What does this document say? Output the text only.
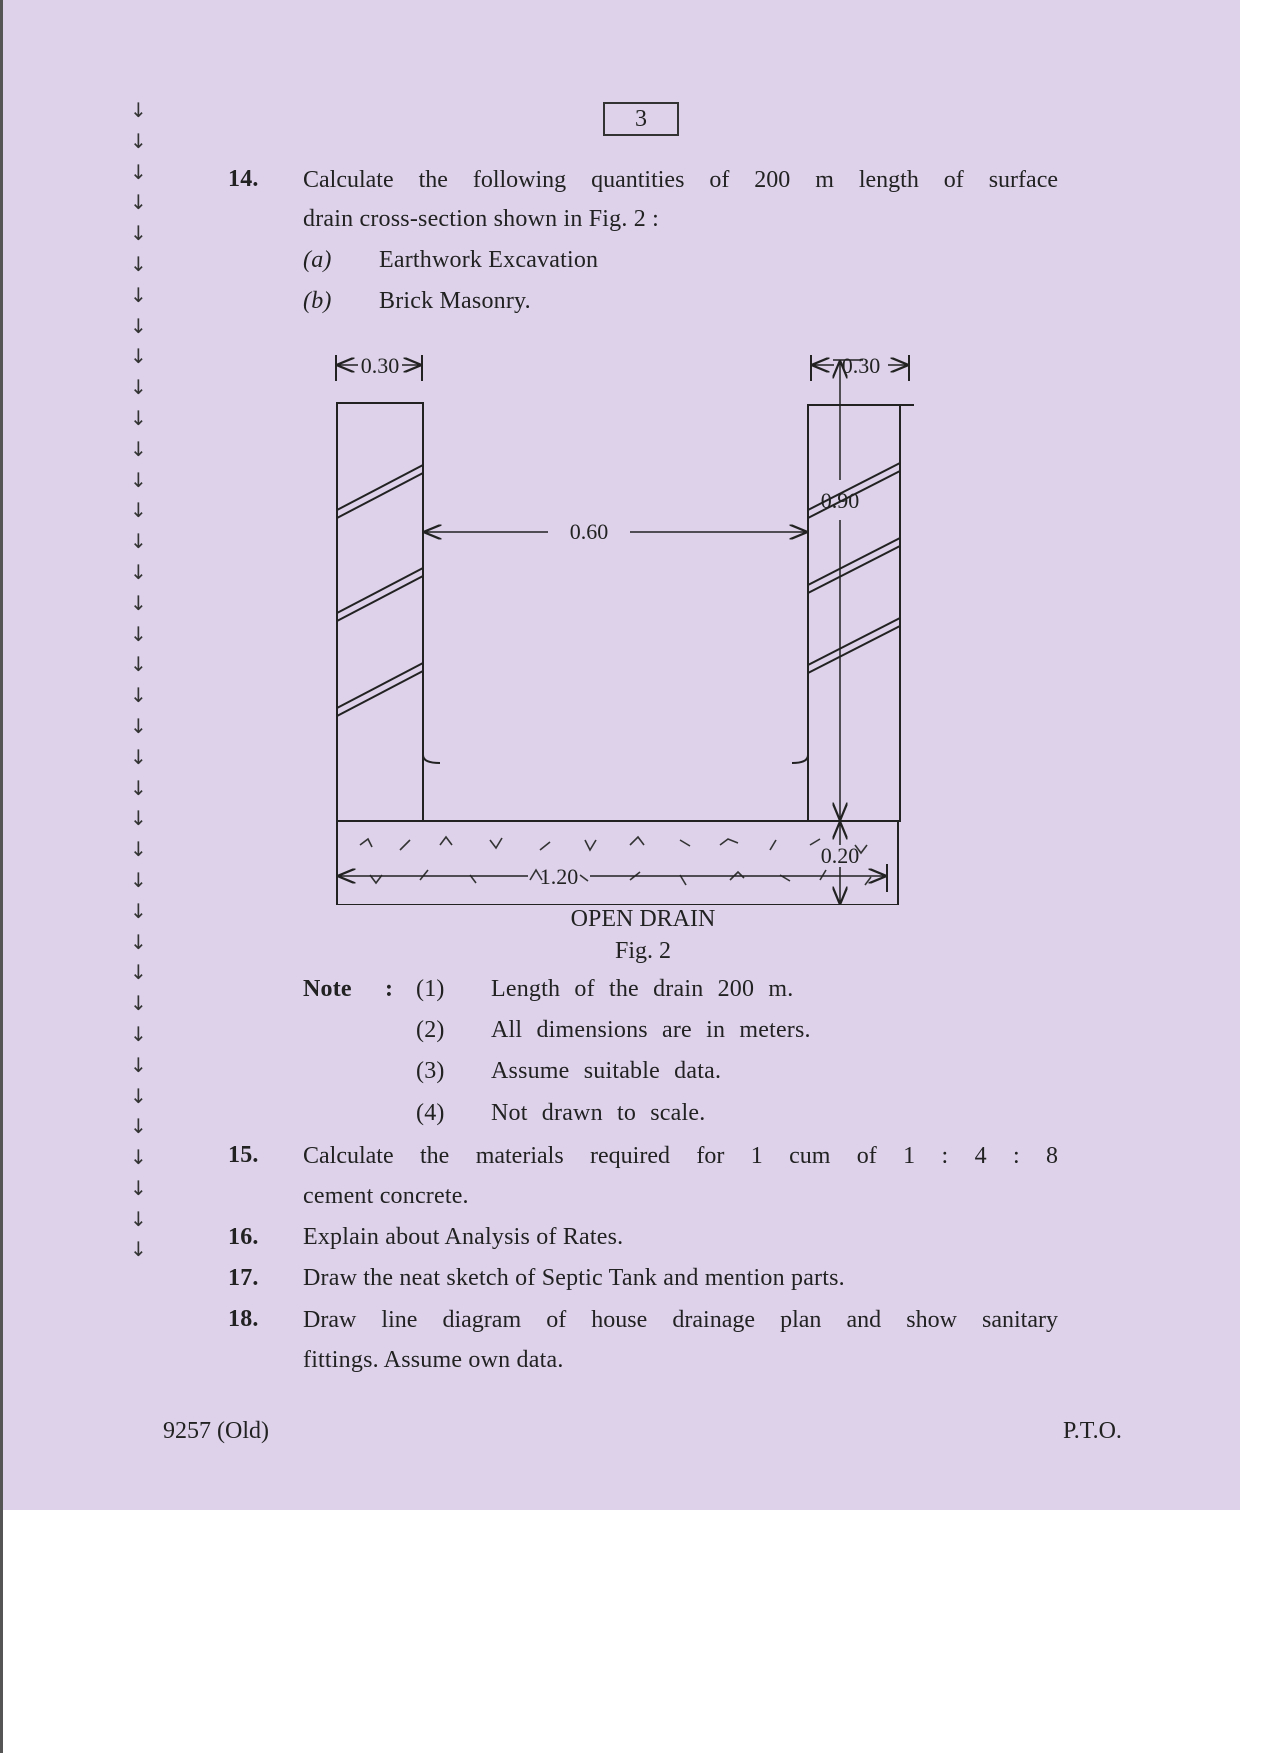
↓
↓
↓
↓
↓
↓
↓
↓
↓
↓
↓
↓
↓
↓
↓
↓
↓
↓
↓
↓
↓
↓
↓
↓
↓
↓
↓
↓
↓
↓
↓
↓
↓
↓
↓
↓
↓
↓
3
14. Calculate the following quantities of 200 m length of surface
drain cross-section shown in Fig. 2 :
(a) Earthwork Excavation
(b) Brick Masonry.
0.30	0.30
0.60
0.90
0.20
1.20
OPEN DRAIN
Fig. 2
Note : (1) Length of the drain 200 m.
(2) All dimensions are in meters.
(3) Assume suitable data.
(4) Not drawn to scale.
15. Calculate the materials required for 1 cum of 1 : 4 : 8
cement concrete.
16. Explain about Analysis of Rates.
17. Draw the neat sketch of Septic Tank and mention parts.
18. Draw line diagram of house drainage plan and show sanitary
fittings. Assume own data.
9257 (Old)	P.T.O.
